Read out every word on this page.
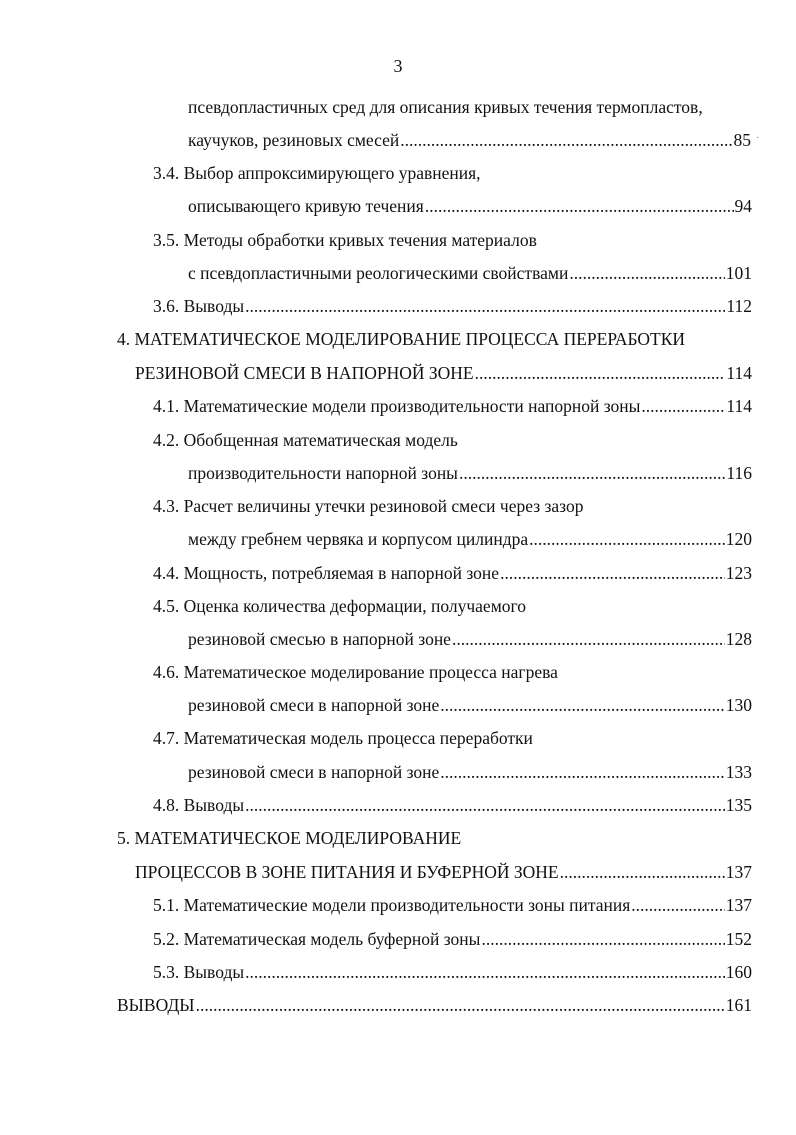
3
псевдопластичных сред для описания кривых течения термопластов,
каучуков, резиновых смесей .....	85 ·
3.4. Выбор аппроксимирующего уравнения,
описывающего кривую течения .....	94
3.5. Методы обработки кривых течения материалов
с псевдопластичными реологическими свойствами .....	101
3.6. Выводы .....	112
4. МАТЕМАТИЧЕСКОЕ МОДЕЛИРОВАНИЕ ПРОЦЕССА ПЕРЕРАБОТКИ
РЕЗИНОВОЙ СМЕСИ В НАПОРНОЙ ЗОНЕ .....	114
4.1. Математические модели производительности напорной зоны .....	114
4.2. Обобщенная математическая модель
производительности напорной зоны .....	116
4.3. Расчет величины утечки резиновой смеси через зазор
между гребнем червяка и корпусом цилиндра .....	120
4.4. Мощность, потребляемая в напорной зоне .....	123
4.5. Оценка количества деформации, получаемого
резиновой смесью в напорной зоне .....	128
4.6. Математическое моделирование процесса нагрева
резиновой смеси в напорной зоне .....	130
4.7. Математическая модель процесса переработки
резиновой смеси в напорной зоне .....	133
4.8. Выводы .....	135
5. МАТЕМАТИЧЕСКОЕ МОДЕЛИРОВАНИЕ
ПРОЦЕССОВ В ЗОНЕ ПИТАНИЯ И БУФЕРНОЙ ЗОНЕ .....	137
5.1. Математические модели производительности зоны питания .....	137
5.2. Математическая модель буферной зоны .....	152
5.3. Выводы .....	160
ВЫВОДЫ .....	161
